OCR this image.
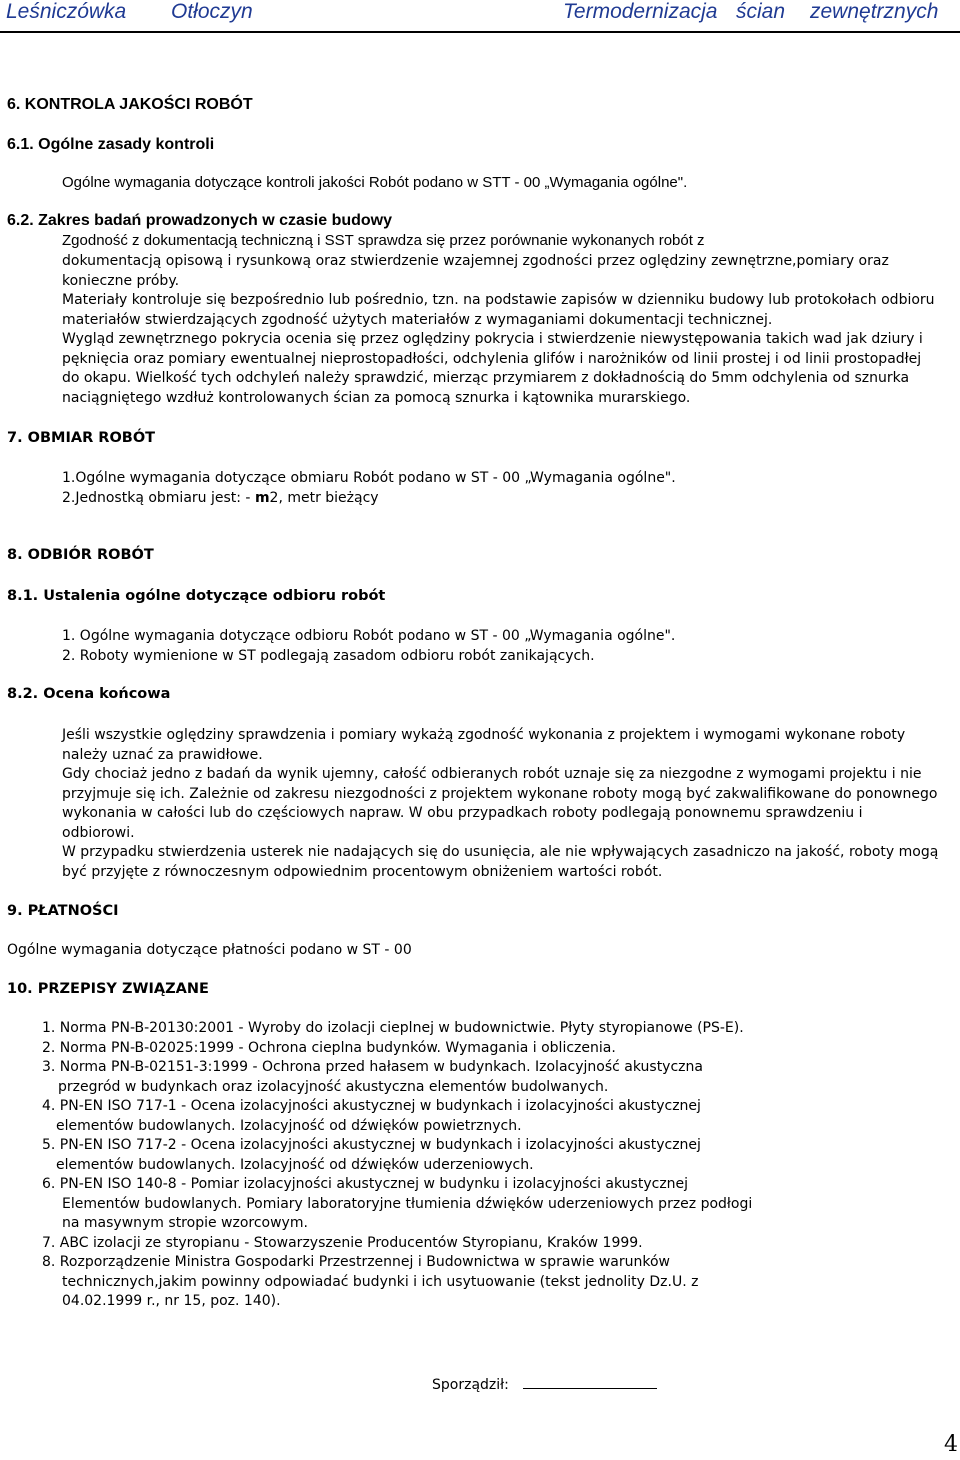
Leśniczówka Otłoczyn	Termodernizacja ścian zewnętrznych
6. KONTROLA JAKOŚCI ROBÓT
6.1. Ogólne zasady kontroli
Ogólne wymagania dotyczące kontroli jakości Robót podano w STT - 00 „Wymagania ogólne".
6.2. Zakres badań prowadzonych w czasie budowy
Zgodność z dokumentacją techniczną i SST sprawdza się przez porównanie wykonanych robót z
dokumentacją opisową i rysunkową oraz stwierdzenie wzajemnej zgodności przez oględziny zewnętrzne,pomiary oraz
konieczne próby.
Materiały kontroluje się bezpośrednio lub pośrednio, tzn. na podstawie zapisów w dzienniku budowy lub protokołach odbioru
materiałów stwierdzających zgodność użytych materiałów z wymaganiami dokumentacji technicznej.
Wygląd zewnętrznego pokrycia ocenia się przez oględziny pokrycia i stwierdzenie niewystępowania takich wad jak dziury i
pęknięcia oraz pomiary ewentualnej nieprostopadłości, odchylenia glifów i narożników od linii prostej i od linii prostopadłej
do okapu. Wielkość tych odchyleń należy sprawdzić, mierząc przymiarem z dokładnością do 5mm odchylenia od sznurka
naciągniętego wzdłuż kontrolowanych ścian za pomocą sznurka i kątownika murarskiego.
7. OBMIAR ROBÓT
1.Ogólne wymagania dotyczące obmiaru Robót podano w ST - 00 „Wymagania ogólne".
2.Jednostką obmiaru jest: - m2, metr bieżący
8. ODBIÓR ROBÓT
8.1. Ustalenia ogólne dotyczące odbioru robót
1. Ogólne wymagania dotyczące odbioru Robót podano w ST - 00 „Wymagania ogólne".
2. Roboty wymienione w ST podlegają zasadom odbioru robót zanikających.
8.2. Ocena końcowa
Jeśli wszystkie oględziny sprawdzenia i pomiary wykażą zgodność wykonania z projektem i wymogami wykonane roboty
należy uznać za prawidłowe.
Gdy chociaż jedno z badań da wynik ujemny, całość odbieranych robót uznaje się za niezgodne z wymogami projektu i nie
przyjmuje się ich. Zależnie od zakresu niezgodności z projektem wykonane roboty mogą być zakwalifikowane do ponownego
wykonania w całości lub do częściowych napraw. W obu przypadkach roboty podlegają ponownemu sprawdzeniu i
odbiorowi.
W przypadku stwierdzenia usterek nie nadających się do usunięcia, ale nie wpływających zasadniczo na jakość, roboty mogą
być przyjęte z równoczesnym odpowiednim procentowym obniżeniem wartości robót.
9. PŁATNOŚCI
Ogólne wymagania dotyczące płatności podano w ST - 00
10. PRZEPISY ZWIĄZANE
1. Norma PN-B-20130:2001 - Wyroby do izolacji cieplnej w budownictwie. Płyty styropianowe (PS-E).
2. Norma PN-B-02025:1999 - Ochrona cieplna budynków. Wymagania i obliczenia.
3. Norma PN-B-02151-3:1999 - Ochrona przed hałasem w budynkach. Izolacyjność akustyczna
przegród w budynkach oraz izolacyjność akustyczna elementów budolwanych.
4. PN-EN ISO 717-1 - Ocena izolacyjności akustycznej w budynkach i izolacyjności akustycznej
elementów budowlanych. Izolacyjność od dźwięków powietrznych.
5. PN-EN ISO 717-2 - Ocena izolacyjności akustycznej w budynkach i izolacyjności akustycznej
elementów budowlanych. Izolacyjność od dźwięków uderzeniowych.
6. PN-EN ISO 140-8 - Pomiar izolacyjności akustycznej w budynku i izolacyjności akustycznej
Elementów budowlanych. Pomiary laboratoryjne tłumienia dźwięków uderzeniowych przez podłogi
na masywnym stropie wzorcowym.
7. ABC izolacji ze styropianu - Stowarzyszenie Producentów Styropianu, Kraków 1999.
8. Rozporządzenie Ministra Gospodarki Przestrzennej i Budownictwa w sprawie warunków
technicznych,jakim powinny odpowiadać budynki i ich usytuowanie (tekst jednolity Dz.U. z
04.02.1999 r., nr 15, poz. 140).
Sporządził:
4
